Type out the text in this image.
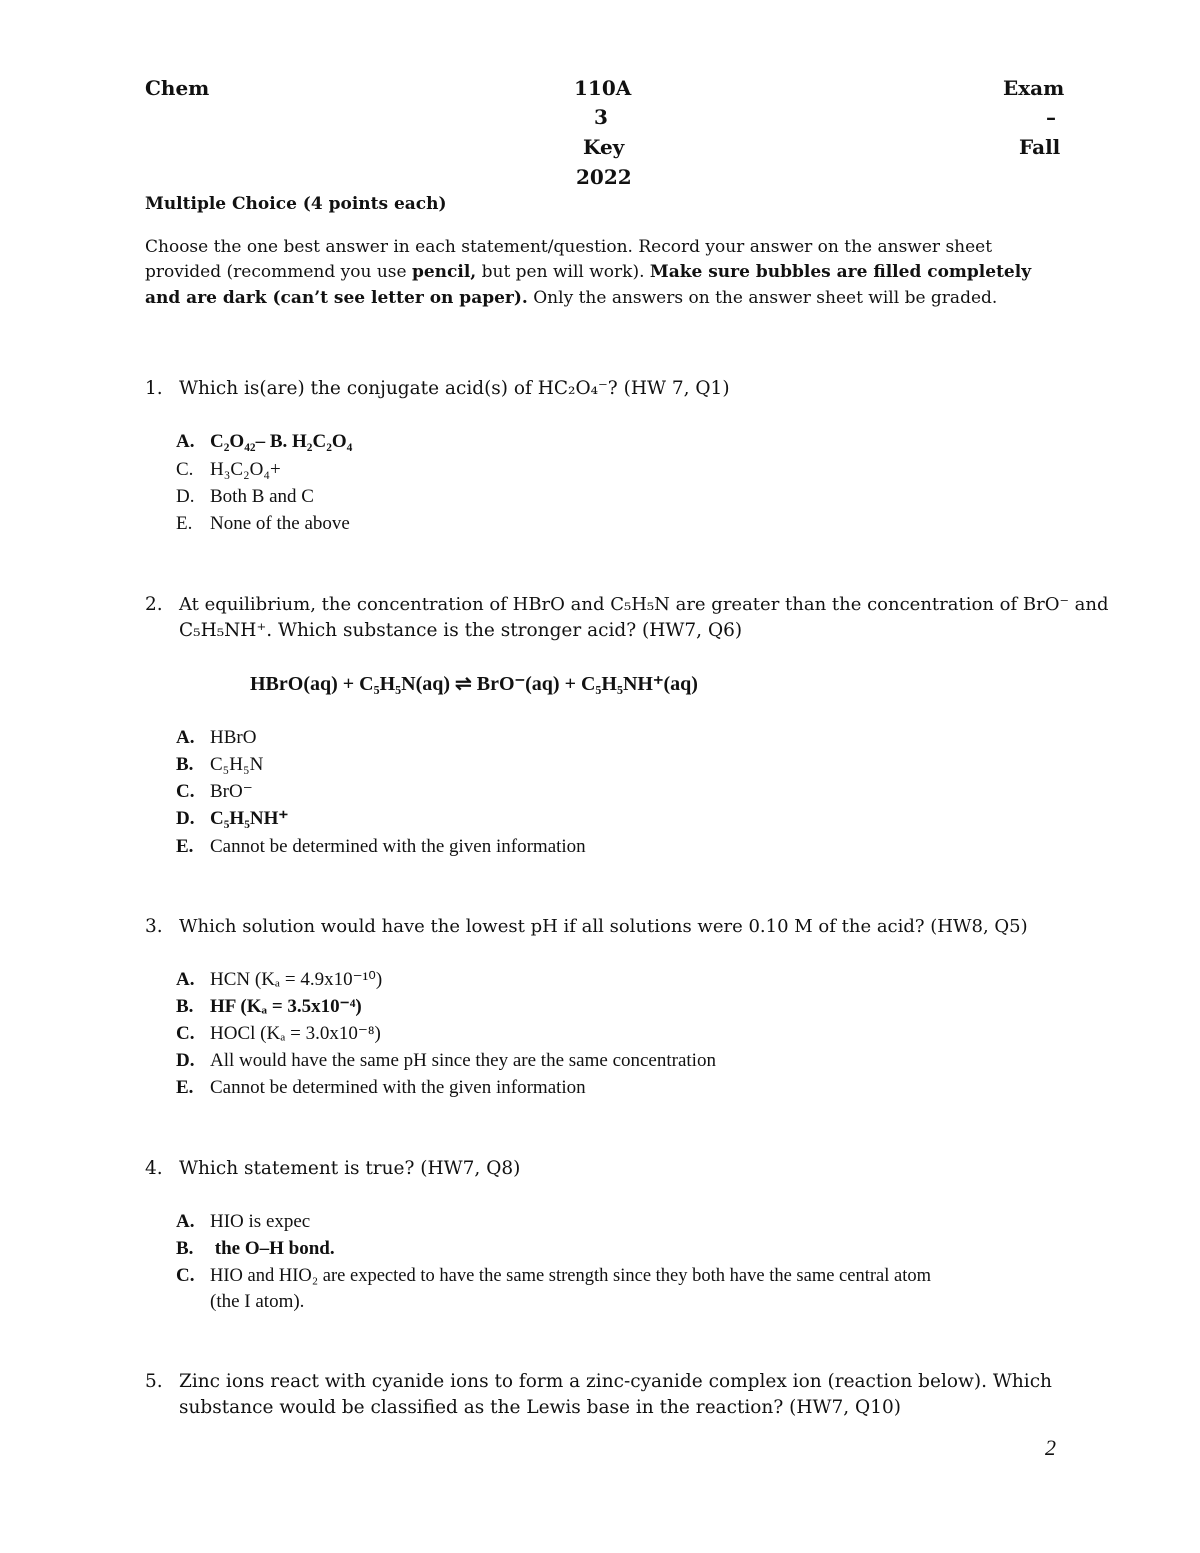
Chem	110A
3
Key
2022
Exam
–
Fall
Multiple Choice (4 points each)
Choose the one best answer in each statement/question. Record your answer on the answer sheet
provided (recommend you use pencil, but pen will work). Make sure bubbles are filled completely
and are dark (can’t see letter on paper). Only the answers on the answer sheet will be graded.
1. Which is(are) the conjugate acid(s) of HC₂O₄⁻? (HW 7, Q1)
A. C₂O₄₂– B. H₂C₂O₄
C. H₃C₂O₄+
D. Both B and C
E. None of the above
2. At equilibrium, the concentration of HBrO and C₅H₅N are greater than the concentration of BrO⁻ and
C₅H₅NH⁺. Which substance is the stronger acid? (HW7, Q6)
HBrO(aq) + C₅H₅N(aq) ⇌ BrO⁻(aq) + C₅H₅NH⁺(aq)
A. HBrO
B. C₅H₅N
C. BrO⁻
D. C₅H₅NH⁺
E. Cannot be determined with the given information
3. Which solution would have the lowest pH if all solutions were 0.10 M of the acid? (HW8, Q5)
A. HCN (Kₐ = 4.9x10⁻¹⁰)
B. HF (Kₐ = 3.5x10⁻⁴)
C. HOCl (Kₐ = 3.0x10⁻⁸)
D. All would have the same pH since they are the same concentration
E. Cannot be determined with the given information
4. Which statement is true? (HW7, Q8)
A. HIO is expec
B. the O–H bond.
C. HIO and HIO₂ are expected to have the same strength since they both have the same central atom
(the I atom).
5. Zinc ions react with cyanide ions to form a zinc-cyanide complex ion (reaction below). Which
substance would be classified as the Lewis base in the reaction? (HW7, Q10)
2
